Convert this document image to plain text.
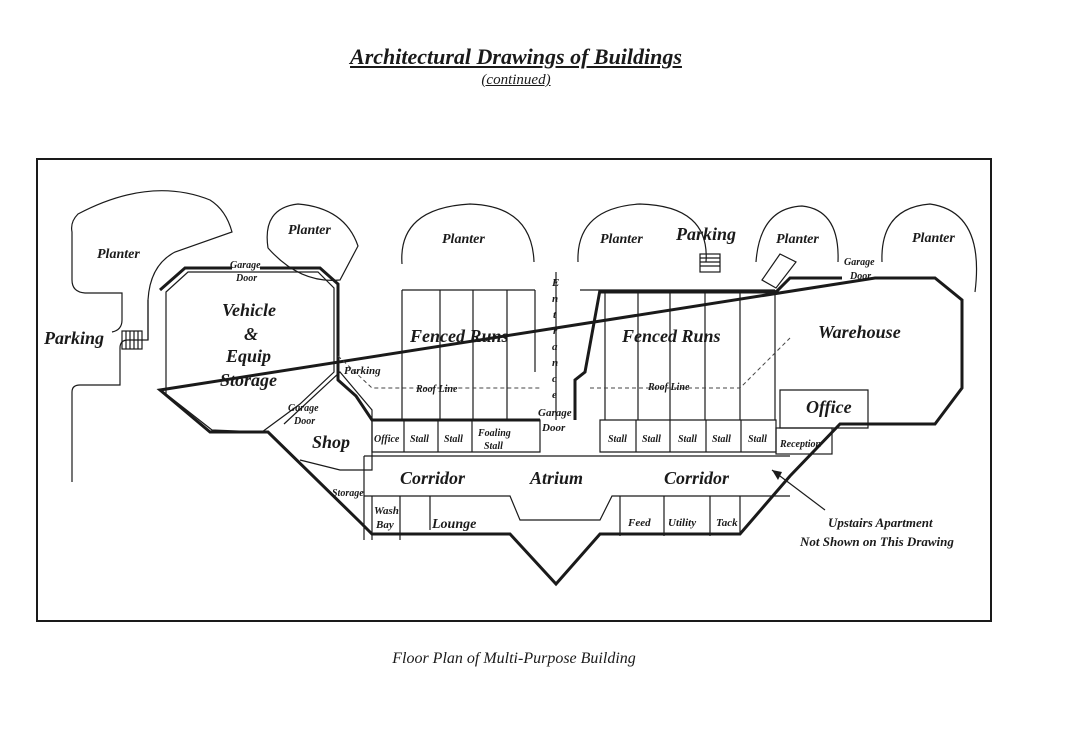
Architectural Drawings of Buildings
(continued)
Planter
Planter
Planter	Planter Parking	Planter	Planter
Parking
Garage
Door
Vehicle
&
Equip
Storage	Parking
Garage
Door
Fenced Runs	Fenced Runs
E
n
t
r
a
n
c
e
Roof Line	Roof Line
Garage
Door
Warehouse
Office
Garage
Door
Shop Office Stall Stall
Foaling
Stall
Stall Stall Stall Stall Stall Reception
Corridor	Atrium	Corridor
Storage
Wash
Bay	Lounge	Feed Utility Tack	Upstairs Apartment
Not Shown on This Drawing
Floor Plan of Multi-Purpose Building
